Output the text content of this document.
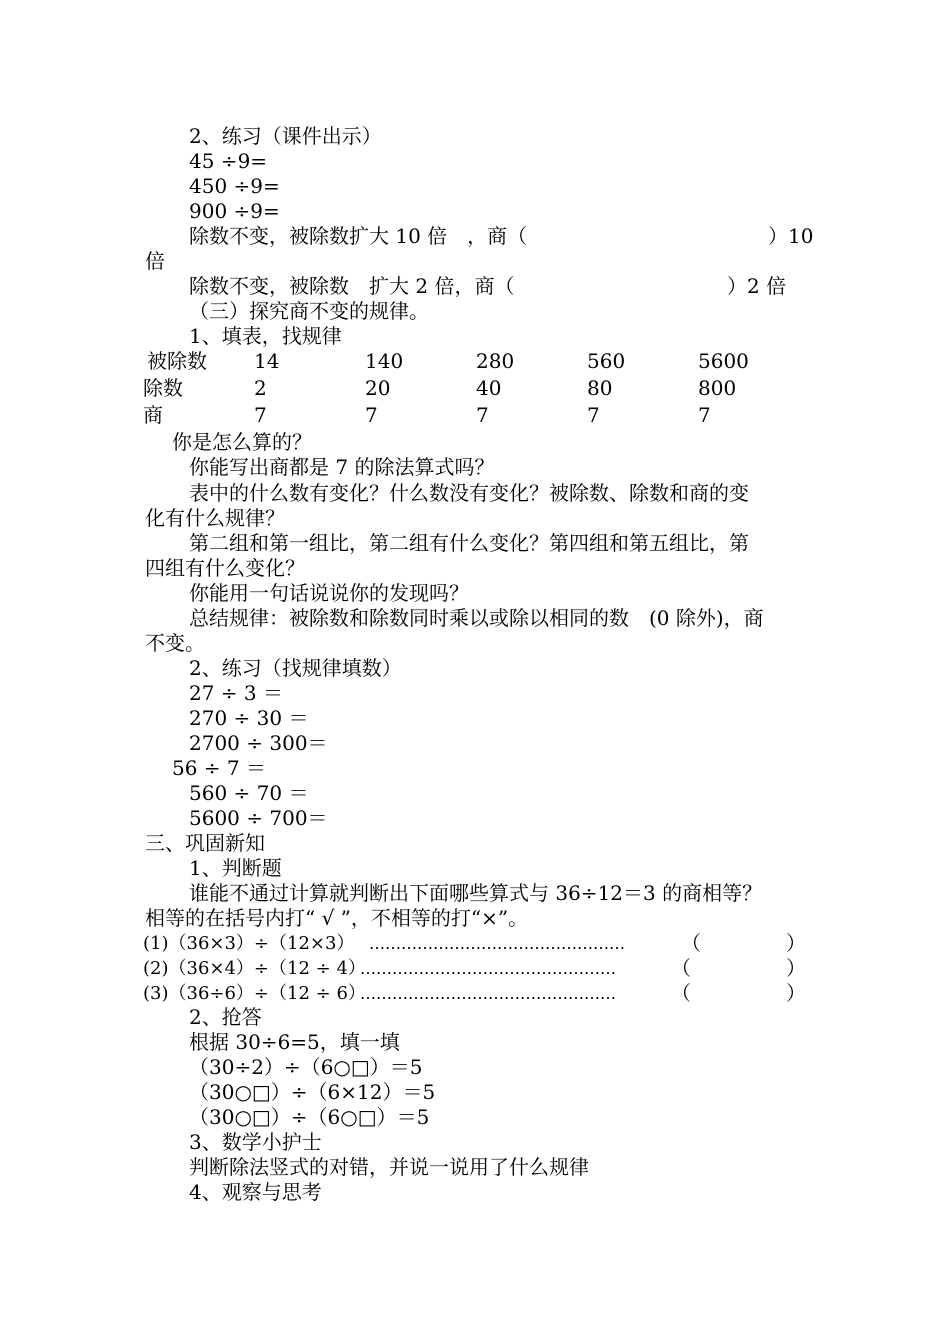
2、练习（课件出示）
45 ÷9=
450 ÷9=
900 ÷9=
除数不变，被除数扩大 10 倍　，商（	）10
倍
除数不变，被除数　扩大 2 倍，商（	）2 倍
（三）探究商不变的规律。
1、填表，找规律
被除数 14	140	280	560	5600
除数	2	20	40	80	800
商	7	7	7	7	7
你是怎么算的？
你能写出商都是 7 的除法算式吗？
表中的什么数有变化？什么数没有变化？被除数、除数和商的变
化有什么规律？
第二组和第一组比，第二组有什么变化？第四组和第五组比，第
四组有什么变化？
你能用一句话说说你的发现吗？
总结规律：被除数和除数同时乘以或除以相同的数　(0 除外)，商
不变。
2、练习（找规律填数）
27 ÷ 3 ＝
270 ÷ 30 ＝
2700 ÷ 300＝
56 ÷ 7 ＝
560 ÷ 70 ＝
5600 ÷ 700＝
三、巩固新知
1、判断题
谁能不通过计算就判断出下面哪些算式与 36÷12＝3 的商相等？
相等的在括号内打“ √ ”，不相等的打“×”。
(1)（36×3）÷（12×3） …………………………………………	（	）
(2)（36×4）÷（12 ÷ 4）
…………………………………………	（	）
(3)（36÷6）÷（12 ÷ 6）
…………………………………………	（	）
2、抢答
根据 30÷6=5，填一填
（30÷2）÷（6○□）＝5
（30○□）÷（6×12）＝5
（30○□）÷（6○□）＝5
3、数学小护士
判断除法竖式的对错，并说一说用了什么规律
4、观察与思考
